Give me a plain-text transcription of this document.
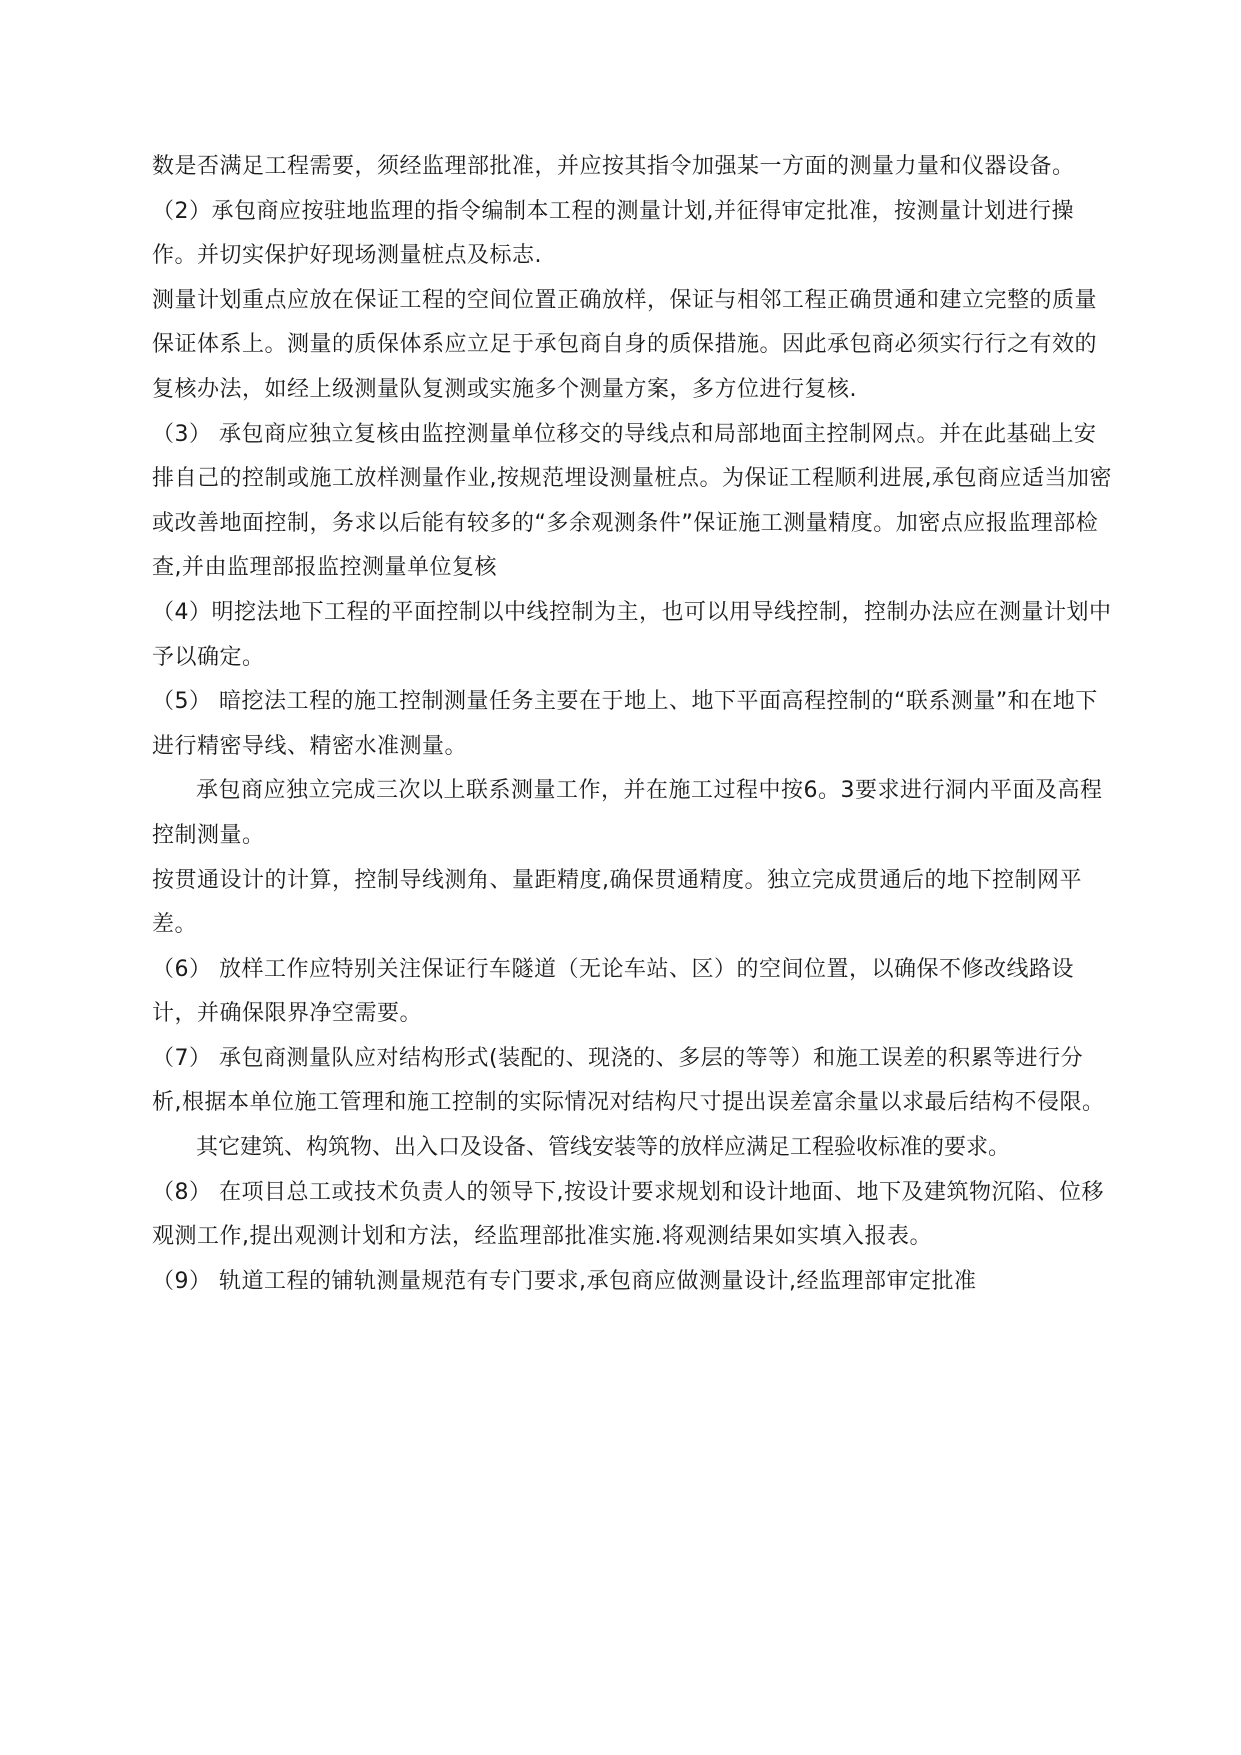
数是否满足工程需要，须经监理部批准，并应按其指令加强某一方面的测量力量和仪器设备。

（2）承包商应按驻地监理的指令编制本工程的测量计划,并征得审定批准，按测量计划进行操作。并切实保护好现场测量桩点及标志.

测量计划重点应放在保证工程的空间位置正确放样，保证与相邻工程正确贯通和建立完整的质量保证体系上。测量的质保体系应立足于承包商自身的质保措施。因此承包商必须实行行之有效的复核办法，如经上级测量队复测或实施多个测量方案，多方位进行复核.

（3） 承包商应独立复核由监控测量单位移交的导线点和局部地面主控制网点。并在此基础上安排自己的控制或施工放样测量作业,按规范埋设测量桩点。为保证工程顺利进展,承包商应适当加密或改善地面控制，务求以后能有较多的“多余观测条件”保证施工测量精度。加密点应报监理部检查,并由监理部报监控测量单位复核

（4）明挖法地下工程的平面控制以中线控制为主，也可以用导线控制，控制办法应在测量计划中予以确定。

（5） 暗挖法工程的施工控制测量任务主要在于地上、地下平面高程控制的“联系测量”和在地下进行精密导线、精密水准测量。

承包商应独立完成三次以上联系测量工作，并在施工过程中按6。3要求进行洞内平面及高程控制测量。

按贯通设计的计算，控制导线测角、量距精度,确保贯通精度。独立完成贯通后的地下控制网平差。

（6） 放样工作应特别关注保证行车隧道（无论车站、区）的空间位置，以确保不修改线路设计，并确保限界净空需要。

（7） 承包商测量队应对结构形式(装配的、现浇的、多层的等等）和施工误差的积累等进行分析,根据本单位施工管理和施工控制的实际情况对结构尺寸提出误差富余量以求最后结构不侵限。

其它建筑、构筑物、出入口及设备、管线安装等的放样应满足工程验收标准的要求。

（8） 在项目总工或技术负责人的领导下,按设计要求规划和设计地面、地下及建筑物沉陷、位移观测工作,提出观测计划和方法，经监理部批准实施.将观测结果如实填入报表。

（9） 轨道工程的铺轨测量规范有专门要求,承包商应做测量设计,经监理部审定批准
